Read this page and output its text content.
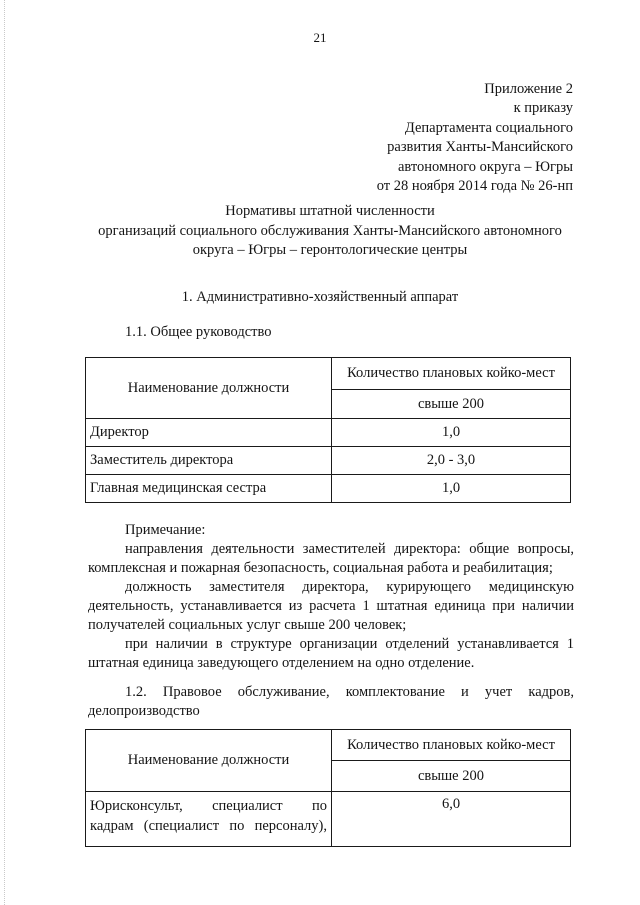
21
Приложение 2
к приказу
Департамента социального
развития Ханты-Мансийского
автономного округа – Югры
от 28 ноября 2014 года № 26-нп
Нормативы штатной численности
организаций социального обслуживания Ханты-Мансийского автономного
округа – Югры – геронтологические центры
1. Административно-хозяйственный аппарат
1.1. Общее руководство
Наименование должности	Количество плановых койко-мест
	свыше 200
Директор	1,0
Заместитель директора	2,0 - 3,0
Главная медицинская сестра	1,0

Примечание:

направления деятельности заместителей директора: общие вопросы, комплексная и пожарная безопасность, социальная работа и реабилитация;

должность заместителя директора, курирующего медицинскую деятельность, устанавливается из расчета 1 штатная единица при наличии получателей социальных услуг свыше 200 человек;

при наличии в структуре организации отделений устанавливается 1 штатная единица заведующего отделением на одно отделение.

1.2. Правовое обслуживание, комплектование и учет кадров, делопроизводство
Наименование должности	Количество плановых койко-мест
	свыше 200

Юрисконсульт, специалист по
кадрам (специалист по персоналу),	6,0
